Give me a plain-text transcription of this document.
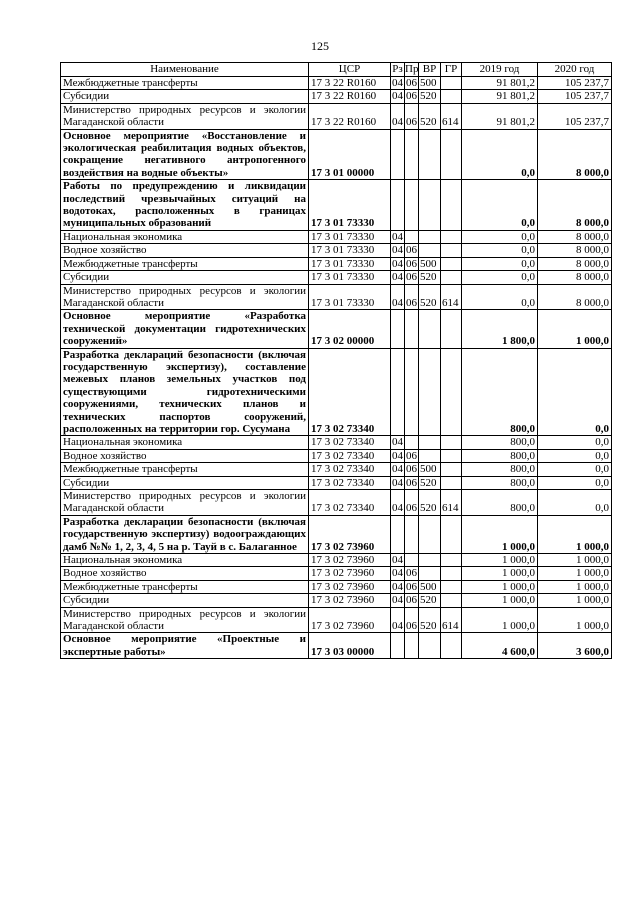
125
Наименование	ЦСР	Рз	Пр	ВР	ГР	2019 год	2020 год
Межбюджетные трансферты	17 3 22 R0160	04	06	500		91 801,2	105 237,7
Субсидии	17 3 22 R0160	04	06	520		91 801,2	105 237,7
Министерство природных ресурсов и экологии Магаданской области	17 3 22 R0160	04	06	520	614	91 801,2	105 237,7
Основное мероприятие «Восстановление и экологическая реабилитация водных объектов, сокращение негативного антропогенного воздействия на водные объекты»	17 3 01 00000					0,0	8 000,0
Работы по предупреждению и ликвидации последствий чрезвычайных ситуаций на водотоках, расположенных в границах муниципальных образований	17 3 01 73330					0,0	8 000,0
Национальная экономика	17 3 01 73330	04				0,0	8 000,0
Водное хозяйство	17 3 01 73330	04	06			0,0	8 000,0
Межбюджетные трансферты	17 3 01 73330	04	06	500		0,0	8 000,0
Субсидии	17 3 01 73330	04	06	520		0,0	8 000,0
Министерство природных ресурсов и экологии Магаданской области	17 3 01 73330	04	06	520	614	0,0	8 000,0
Основное мероприятие «Разработка технической документации гидротехнических сооружений»	17 3 02 00000					1 800,0	1 000,0
Разработка деклараций безопасности (включая государственную экспертизу), составление межевых планов земельных участков под существующими гидротехническими сооружениями, технических планов и технических паспортов сооружений, расположенных на территории гор. Сусумана	17 3 02 73340					800,0	0,0
Национальная экономика	17 3 02 73340	04				800,0	0,0
Водное хозяйство	17 3 02 73340	04	06			800,0	0,0
Межбюджетные трансферты	17 3 02 73340	04	06	500		800,0	0,0
Субсидии	17 3 02 73340	04	06	520		800,0	0,0
Министерство природных ресурсов и экологии Магаданской области	17 3 02 73340	04	06	520	614	800,0	0,0
Разработка декларации безопасности (включая государственную экспертизу) водоограждающих дамб №№ 1, 2, 3, 4, 5 на р. Тауй в с. Балаганное	17 3 02 73960					1 000,0	1 000,0
Национальная экономика	17 3 02 73960	04				1 000,0	1 000,0
Водное хозяйство	17 3 02 73960	04	06			1 000,0	1 000,0
Межбюджетные трансферты	17 3 02 73960	04	06	500		1 000,0	1 000,0
Субсидии	17 3 02 73960	04	06	520		1 000,0	1 000,0
Министерство природных ресурсов и экологии Магаданской области	17 3 02 73960	04	06	520	614	1 000,0	1 000,0
Основное мероприятие «Проектные и экспертные работы»	17 3 03 00000					4 600,0	3 600,0
